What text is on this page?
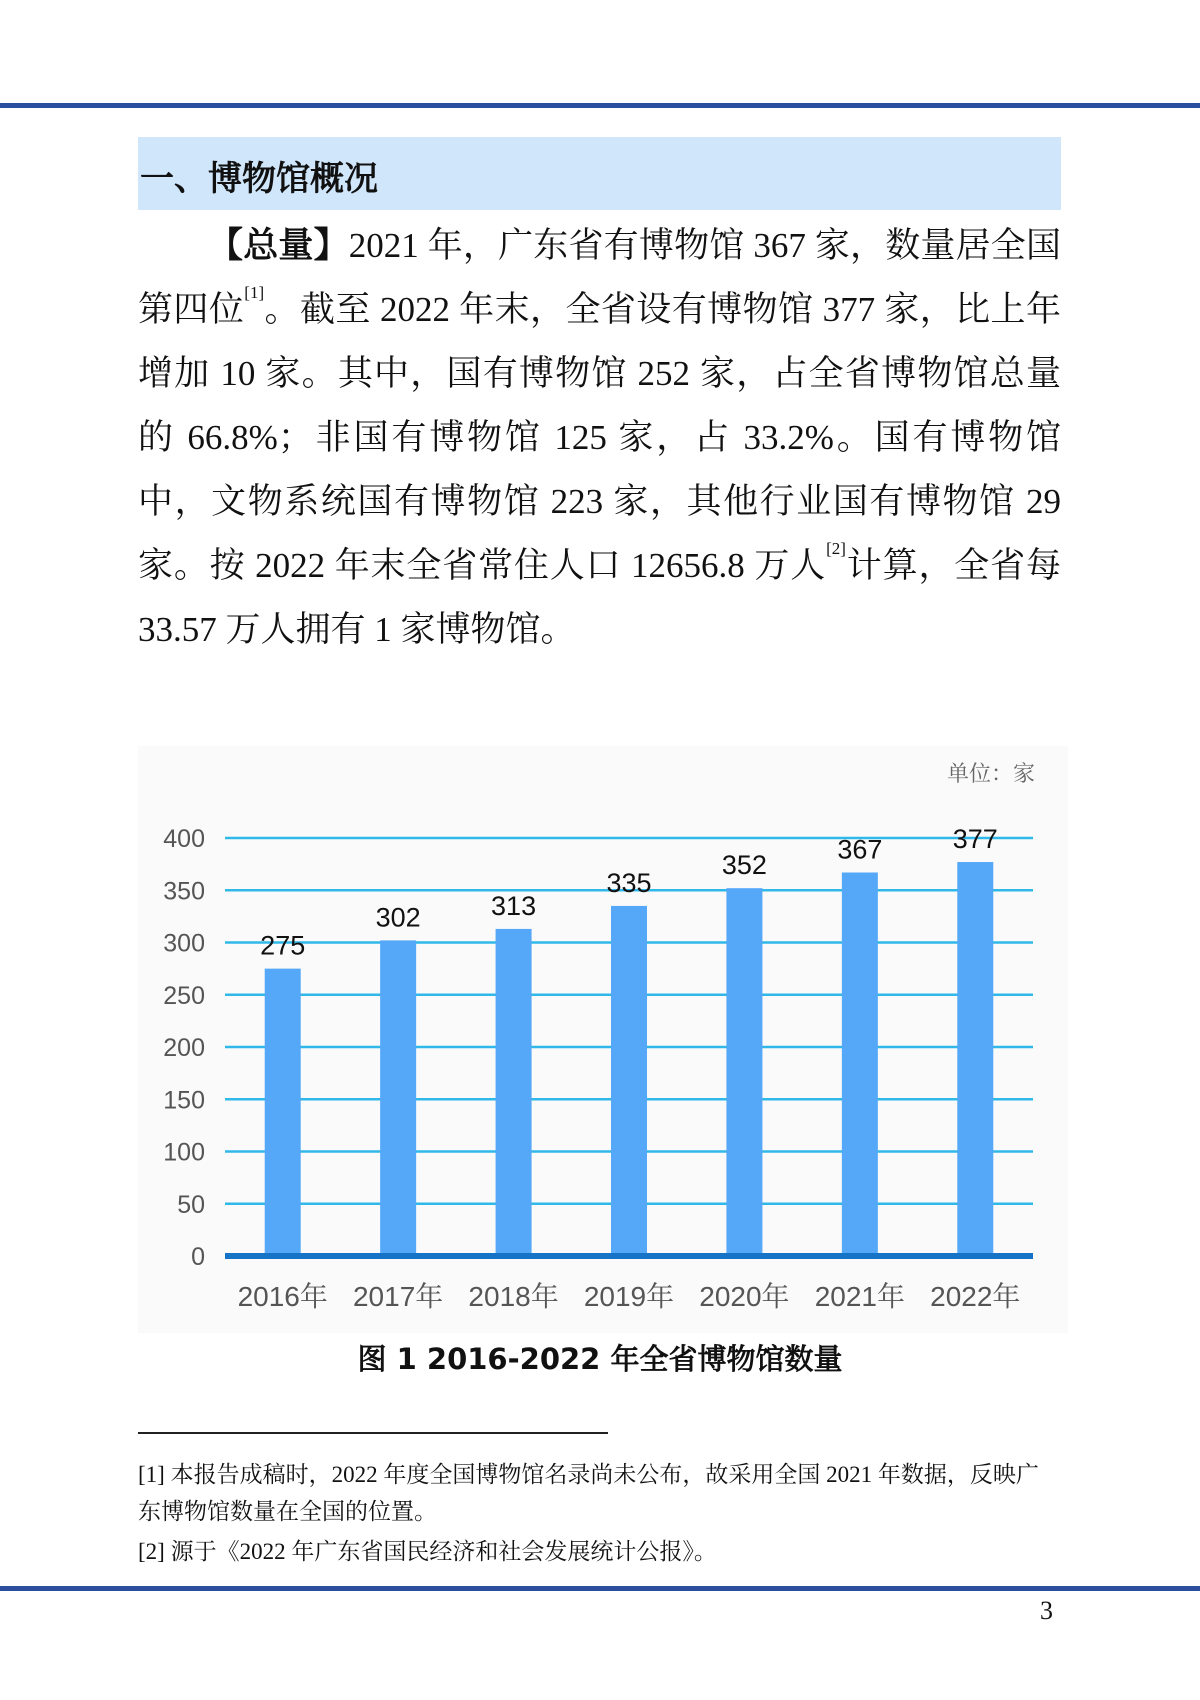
一、博物馆概况

【总量】2021 年，广东省有博物馆 367 家，数量居全国第四位[1]。截至 2022 年末，全省设有博物馆 377 家，比上年增加 10 家。其中，国有博物馆 252 家，占全省博物馆总量的 66.8%；非国有博物馆 125 家，占 33.2%。国有博物馆中，文物系统国有博物馆 223 家，其他行业国有博物馆 29 家。按 2022 年末全省常住人口 12656.8 万人[2]计算，全省每 33.57 万人拥有 1 家博物馆。

单位：家
0
50
100
150
200
250
300
350
400
275
2016年
302
2017年
313
2018年
335
2019年
352
2020年
367
2021年
377
2022年
图 1 2016-2022 年全省博物馆数量
[1] 本报告成稿时，2022 年度全国博物馆名录尚未公布，故采用全国 2021 年数据，反映广东博物馆数量在全国的位置。
[2] 源于《2022 年广东省国民经济和社会发展统计公报》。
3
